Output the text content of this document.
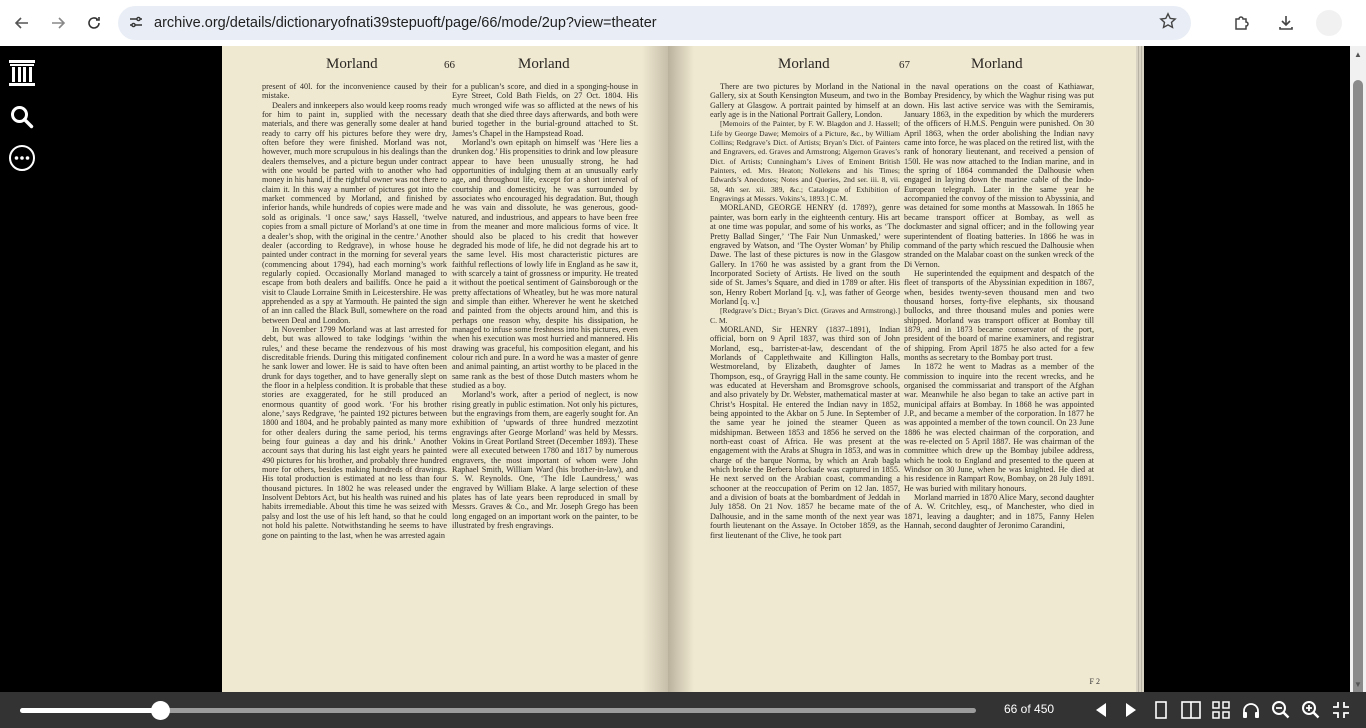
archive.org/details/dictionaryofnati39stepuoft/page/66/mode/2up?view=theater
Morland	66	Morland

present of 40l. for the inconvenience caused by their mistake.

Dealers and innkeepers also would keep rooms ready for him to paint in, supplied with the necessary materials, and there was generally some dealer at hand ready to carry off his pictures before they were dry, often before they were finished. Morland was not, however, much more scrupulous in his dealings than the dealers themselves, and a picture begun under contract with one would be parted with to another who had money in his hand, if the rightful owner was not there to claim it. In this way a number of pictures got into the market commenced by Morland, and finished by inferior hands, while hundreds of copies were made and sold as originals. ‘I once saw,’ says Hassell, ‘twelve copies from a small picture of Morland’s at one time in a dealer’s shop, with the original in the centre.’ Another dealer (according to Redgrave), in whose house he painted under contract in the morning for several years (commencing about 1794), had each morning’s work regularly copied. Occasionally Morland managed to escape from both dealers and bailiffs. Once he paid a visit to Claude Lorraine Smith in Leicestershire. He was apprehended as a spy at Yarmouth. He painted the sign of an inn called the Black Bull, somewhere on the road between Deal and London.

In November 1799 Morland was at last arrested for debt, but was allowed to take lodgings ‘within the rules,’ and these became the rendezvous of his most discreditable friends. During this mitigated confinement he sank lower and lower. He is said to have often been drunk for days together, and to have generally slept on the floor in a helpless condition. It is probable that these stories are exaggerated, for he still produced an enormous quantity of good work. ‘For his brother alone,’ says Redgrave, ‘he painted 192 pictures between 1800 and 1804, and he probably painted as many more for other dealers during the same period, his terms being four guineas a day and his drink.’ Another account says that during his last eight years he painted 490 pictures for his brother, and probably three hundred more for others, besides making hundreds of drawings. His total production is estimated at no less than four thousand pictures. In 1802 he was released under the Insolvent Debtors Act, but his health was ruined and his habits irremediable. About this time he was seized with palsy and lost the use of his left hand, so that he could not hold his palette. Notwithstanding he seems to have gone on painting to the last, when he was arrested again

for a publican’s score, and died in a sponging-house in Eyre Street, Cold Bath Fields, on 27 Oct. 1804. His much wronged wife was so afflicted at the news of his death that she died three days afterwards, and both were buried together in the burial-ground attached to St. James’s Chapel in the Hampstead Road.

Morland’s own epitaph on himself was ‘Here lies a drunken dog.’ His propensities to drink and low pleasure appear to have been unusually strong, he had opportunities of indulging them at an unusually early age, and throughout life, except for a short interval of courtship and domesticity, he was surrounded by associates who encouraged his degradation. But, though he was vain and dissolute, he was generous, good-natured, and industrious, and appears to have been free from the meaner and more malicious forms of vice. It should also be placed to his credit that however degraded his mode of life, he did not degrade his art to the same level. His most characteristic pictures are faithful reflections of lowly life in England as he saw it, with scarcely a taint of grossness or impurity. He treated it without the poetical sentiment of Gainsborough or the pretty affectations of Wheatley, but he was more natural and simple than either. Wherever he went he sketched and painted from the objects around him, and this is perhaps one reason why, despite his dissipation, he managed to infuse some freshness into his pictures, even when his execution was most hurried and mannered. His drawing was graceful, his composition elegant, and his colour rich and pure. In a word he was a master of genre and animal painting, an artist worthy to be placed in the same rank as the best of those Dutch masters whom he studied as a boy.

Morland’s work, after a period of neglect, is now rising greatly in public estimation. Not only his pictures, but the engravings from them, are eagerly sought for. An exhibition of ‘upwards of three hundred mezzotint engravings after George Morland’ was held by Messrs. Vokins in Great Portland Street (December 1893). These were all executed between 1780 and 1817 by numerous engravers, the most important of whom were John Raphael Smith, William Ward (his brother-in-law), and S. W. Reynolds. One, ‘The Idle Laundress,’ was engraved by William Blake. A large selection of these plates has of late years been reproduced in small by Messrs. Graves & Co., and Mr. Joseph Grego has been long engaged on an important work on the painter, to be illustrated by fresh engravings.

Morland	67	Morland

There are two pictures by Morland in the National Gallery, six at South Kensington Museum, and two in the Gallery at Glasgow. A portrait painted by himself at an early age is in the National Portrait Gallery, London.

[Memoirs of the Painter, by F. W. Blagdon and J. Hassell; Life by George Dawe; Memoirs of a Picture, &c., by William Collins; Redgrave’s Dict. of Artists; Bryan’s Dict. of Painters and Engravers, ed. Graves and Armstrong; Algernon Graves’s Dict. of Artists; Cunningham’s Lives of Eminent British Painters, ed. Mrs. Heaton; Nollekens and his Times; Edwards’s Anecdotes; Notes and Queries, 2nd ser. iii. 8, vii. 58, 4th ser. xii. 389, &c.; Catalogue of Exhibition of Engravings at Messrs. Vokins’s, 1893.] C. M.

MORLAND, GEORGE HENRY (d. 1789?), genre painter, was born early in the eighteenth century. His art at one time was popular, and some of his works, as ‘The Pretty Ballad Singer,’ ‘The Fair Nun Unmasked,’ were engraved by Watson, and ‘The Oyster Woman’ by Philip Dawe. The last of these pictures is now in the Glasgow Gallery. In 1760 he was assisted by a grant from the Incorporated Society of Artists. He lived on the south side of St. James’s Square, and died in 1789 or after. His son, Henry Robert Morland [q. v.], was father of George Morland [q. v.]

[Redgrave’s Dict.; Bryan’s Dict. (Graves and Armstrong).] C. M.

MORLAND, Sir HENRY (1837–1891), Indian official, born on 9 April 1837, was third son of John Morland, esq., barrister-at-law, descendant of the Morlands of Capplethwaite and Killington Halls, Westmoreland, by Elizabeth, daughter of James Thompson, esq., of Grayrigg Hall in the same county. He was educated at Heversham and Bromsgrove schools, and also privately by Dr. Webster, mathematical master at Christ’s Hospital. He entered the Indian navy in 1852, being appointed to the Akbar on 5 June. In September of the same year he joined the steamer Queen as midshipman. Between 1853 and 1856 he served on the north-east coast of Africa. He was present at the engagement with the Arabs at Shugra in 1853, and was in charge of the barque Norma, by which an Arab bagla which broke the Berbera blockade was captured in 1855. He next served on the Arabian coast, commanding a schooner at the reoccupation of Perim on 12 Jan. 1857, and a division of boats at the bombardment of Jeddah in July 1858. On 21 Nov. 1857 he became mate of the Dalhousie, and in the same month of the next year was fourth lieutenant on the Assaye. In October 1859, as the first lieutenant of the Clive, he took part

in the naval operations on the coast of Kathiawar, Bombay Presidency, by which the Waghur rising was put down. His last active service was with the Semiramis, January 1863, in the expedition by which the murderers of the officers of H.M.S. Penguin were punished. On 30 April 1863, when the order abolishing the Indian navy came into force, he was placed on the retired list, with the rank of honorary lieutenant, and received a pension of 150l. He was now attached to the Indian marine, and in the spring of 1864 commanded the Dalhousie when engaged in laying down the marine cable of the Indo-European telegraph. Later in the same year he accompanied the convoy of the mission to Abyssinia, and was detained for some months at Massowah. In 1865 he became transport officer at Bombay, as well as dockmaster and signal officer; and in the following year superintendent of floating batteries. In 1866 he was in command of the party which rescued the Dalhousie when stranded on the Malabar coast on the sunken wreck of the Di Vernon.

He superintended the equipment and despatch of the fleet of transports of the Abyssinian expedition in 1867, when, besides twenty-seven thousand men and two thousand horses, forty-five elephants, six thousand bullocks, and three thousand mules and ponies were shipped. Morland was transport officer at Bombay till 1879, and in 1873 became conservator of the port, president of the board of marine examiners, and registrar of shipping. From April 1875 he also acted for a few months as secretary to the Bombay port trust.

In 1872 he went to Madras as a member of the commission to inquire into the recent wrecks, and he organised the commissariat and transport of the Afghan war. Meanwhile he also began to take an active part in municipal affairs at Bombay. In 1868 he was appointed J.P., and became a member of the corporation. In 1877 he was appointed a member of the town council. On 23 June 1886 he was elected chairman of the corporation, and was re-elected on 5 April 1887. He was chairman of the committee which drew up the Bombay jubilee address, which he took to England and presented to the queen at Windsor on 30 June, when he was knighted. He died at his residence in Rampart Row, Bombay, on 28 July 1891. He was buried with military honours.

Morland married in 1870 Alice Mary, second daughter of A. W. Critchley, esq., of Manchester, who died in 1871, leaving a daughter; and in 1875, Fanny Helen Hannah, second daughter of Jeronimo Carandini,

F 2
▲
▼
66 of 450
